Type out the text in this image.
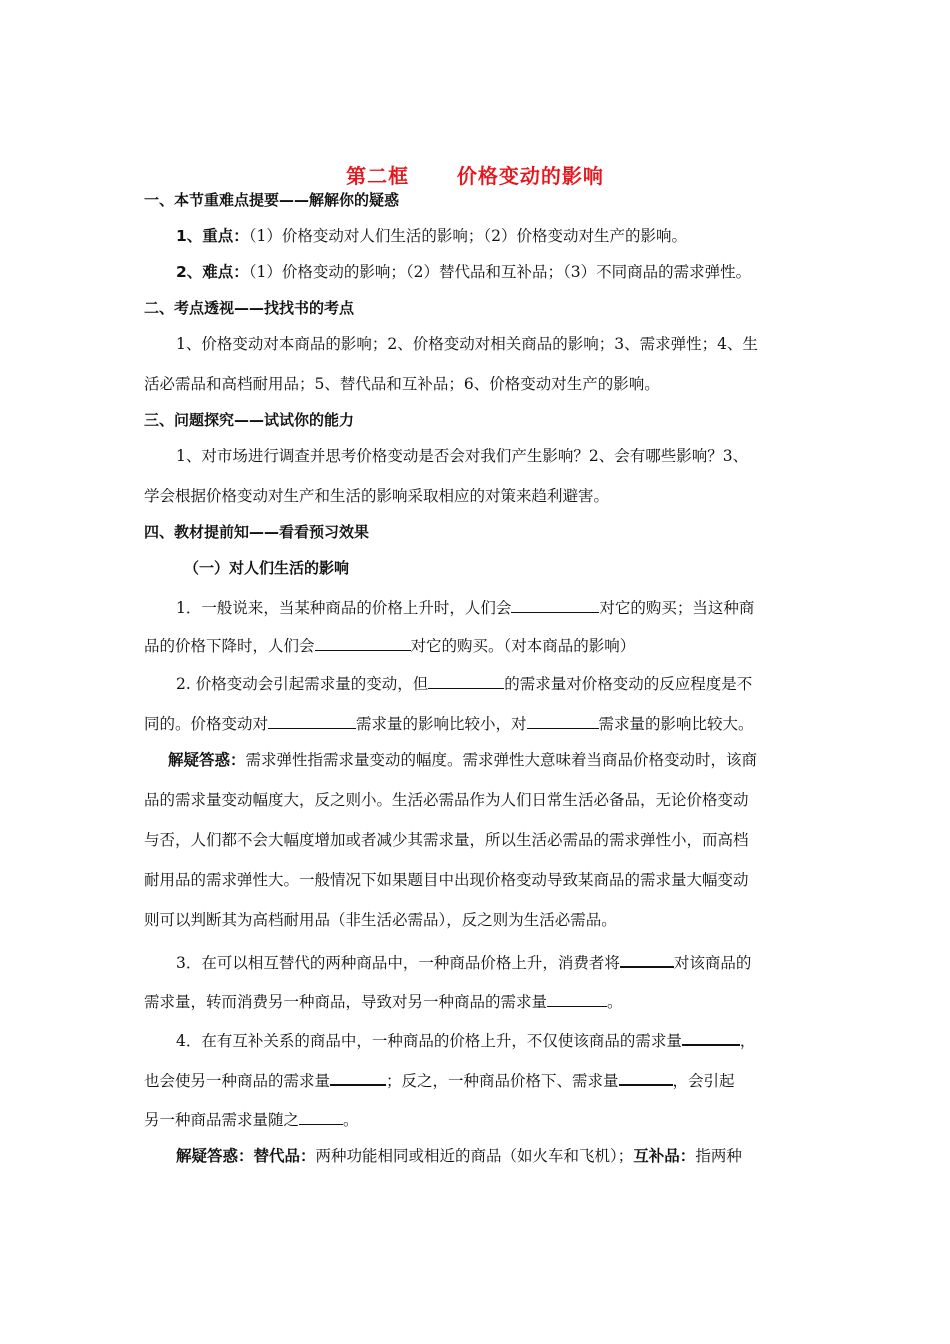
第二框      价格变动的影响
一、本节重难点提要——解解你的疑惑
1、重点：（1）价格变动对人们生活的影响；（2）价格变动对生产的影响。
2、难点：（1）价格变动的影响；（2）替代品和互补品；（3）不同商品的需求弹性。
二、考点透视——找找书的考点
1、价格变动对本商品的影响；2、价格变动对相关商品的影响；3、需求弹性；4、生
活必需品和高档耐用品；5、替代品和互补品；6、价格变动对生产的影响。
三、问题探究——试试你的能力
1、对市场进行调查并思考价格变动是否会对我们产生影响？2、会有哪些影响？3、
学会根据价格变动对生产和生活的影响采取相应的对策来趋利避害。
四、教材提前知——看看预习效果
（一）对人们生活的影响
1．一般说来，当某种商品的价格上升时，人们会	对它的购买；当这种商
品的价格下降时，人们会	对它的购买。（对本商品的影响）
2. 价格变动会引起需求量的变动，但	的需求量对价格变动的反应程度是不
同的。价格变动对	需求量的影响比较小，对	需求量的影响比较大。
解疑答惑：需求弹性指需求量变动的幅度。需求弹性大意味着当商品价格变动时，该商
品的需求量变动幅度大，反之则小。生活必需品作为人们日常生活必备品，无论价格变动
与否，人们都不会大幅度增加或者减少其需求量，所以生活必需品的需求弹性小，而高档
耐用品的需求弹性大。一般情况下如果题目中出现价格变动导致某商品的需求量大幅变动
则可以判断其为高档耐用品（非生活必需品），反之则为生活必需品。
3．在可以相互替代的两种商品中，一种商品价格上升，消费者将	对该商品的
需求量，转而消费另一种商品，导致对另一种商品的需求量	。
4．在有互补关系的商品中，一种商品的价格上升，不仅使该商品的需求量	，
也会使另一种商品的需求量	；反之，一种商品价格下、需求量	，会引起
另一种商品需求量随之	。
解疑答惑：替代品：两种功能相同或相近的商品（如火车和飞机）；互补品：指两种
